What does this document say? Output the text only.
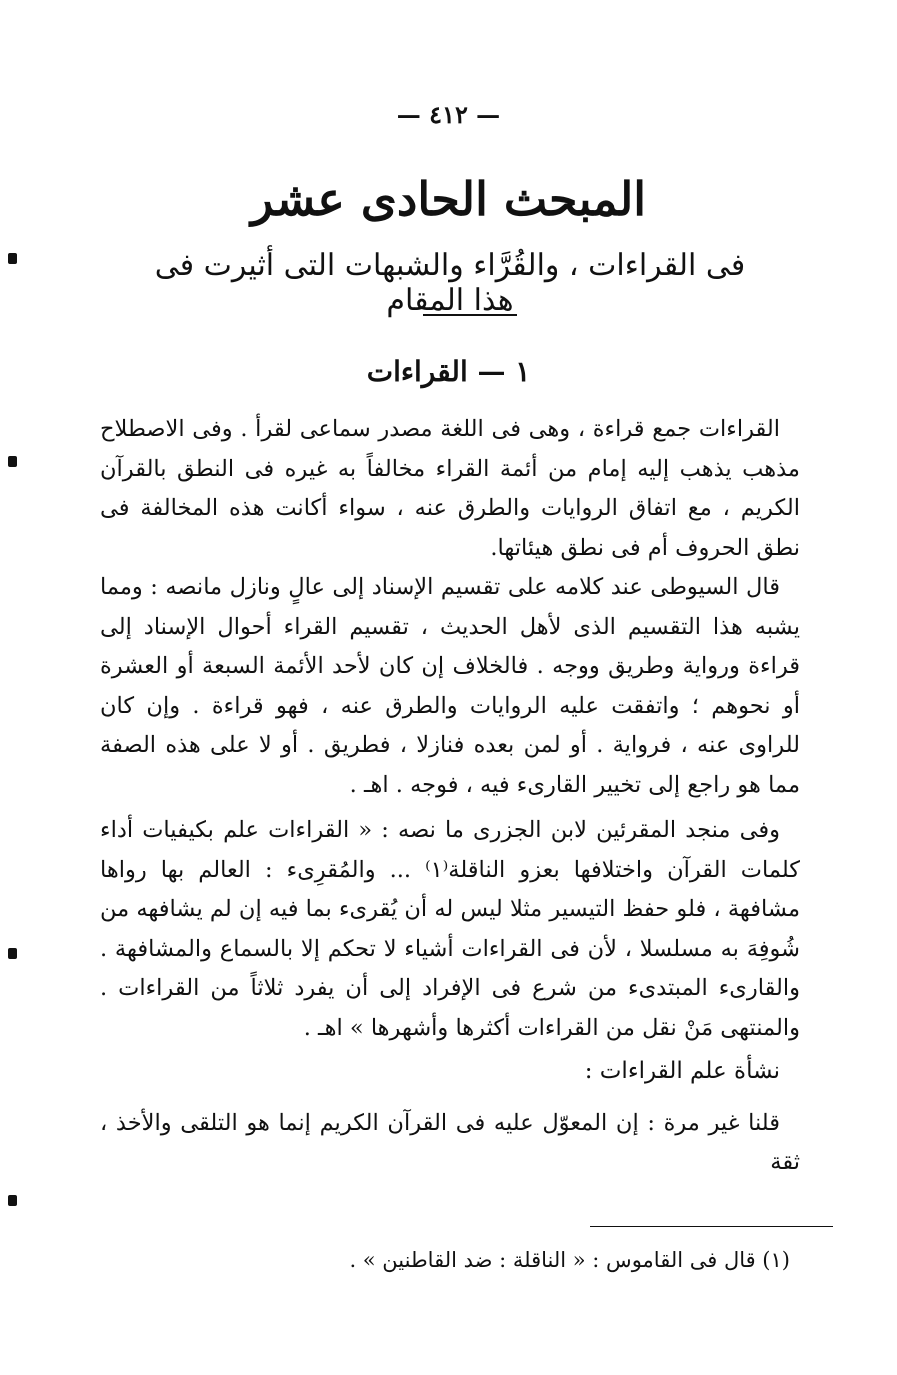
— ٤١٢ —
المبحث الحادى عشر
فى القراءات ، والقُرَّاء والشبهات التى أثيرت فى هذا المقام
١ — القراءات

القراءات جمع قراءة ، وهى فى اللغة مصدر سماعى لقرأ . وفى الاصطلاح مذهب يذهب إليه إمام من أئمة القراء مخالفاً به غيره فى النطق بالقرآن الكريم ، مع اتفاق الروايات والطرق عنه ، سواء أكانت هذه المخالفة فى نطق الحروف أم فى نطق هيئاتها.

قال السيوطى عند كلامه على تقسيم الإسناد إلى عالٍ ونازل مانصه : ومما يشبه هذا التقسيم الذى لأهل الحديث ، تقسيم القراء أحوال الإسناد إلى قراءة ورواية وطريق ووجه . فالخلاف إن كان لأحد الأئمة السبعة أو العشرة أو نحوهم ؛ واتفقت عليه الروايات والطرق عنه ، فهو قراءة . وإن كان للراوى عنه ، فرواية . أو لمن بعده فنازلا ، فطريق . أو لا على هذه الصفة مما هو راجع إلى تخيير القارىء فيه ، فوجه . اهـ .

وفى منجد المقرئين لابن الجزرى ما نصه : « القراءات علم بكيفيات أداء كلمات القرآن واختلافها بعزو الناقلة⁽١⁾ ... والمُقرِىء : العالم بها رواها مشافهة ، فلو حفظ التيسير مثلا ليس له أن يُقرىء بما فيه إن لم يشافهه من شُوفِهَ به مسلسلا ، لأن فى القراءات أشياء لا تحكم إلا بالسماع والمشافهة . والقارىء المبتدىء من شرع فى الإفراد إلى أن يفرد ثلاثاً من القراءات . والمنتهى مَنْ نقل من القراءات أكثرها وأشهرها » اهـ .

نشأة علم القراءات :

قلنا غير مرة : إن المعوّل عليه فى القرآن الكريم إنما هو التلقى والأخذ ، ثقة

(١) قال فى القاموس : « الناقلة : ضد القاطنين » .
